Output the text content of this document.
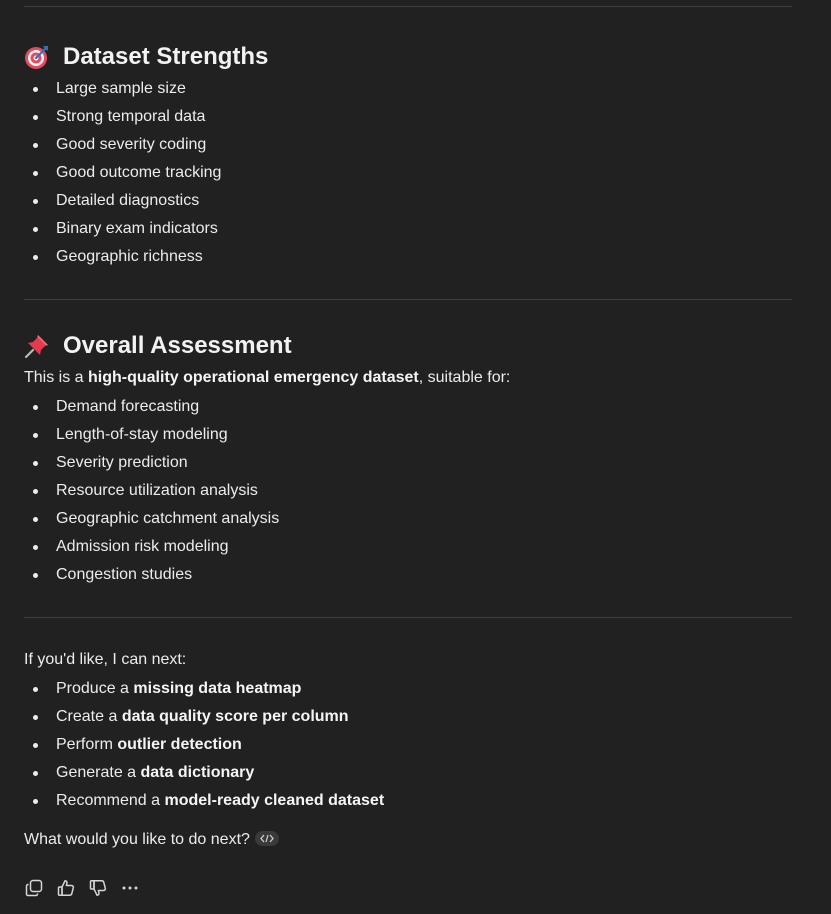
Dataset Strengths
Large sample size
Strong temporal data
Good severity coding
Good outcome tracking
Detailed diagnostics
Binary exam indicators
Geographic richness
Overall Assessment

This is a high-quality operational emergency dataset, suitable for:

Demand forecasting
Length-of-stay modeling
Severity prediction
Resource utilization analysis
Geographic catchment analysis
Admission risk modeling
Congestion studies

If you'd like, I can next:

Produce a missing data heatmap
Create a data quality score per column
Perform outlier detection
Generate a data dictionary
Recommend a model-ready cleaned dataset

What would you like to do next?
